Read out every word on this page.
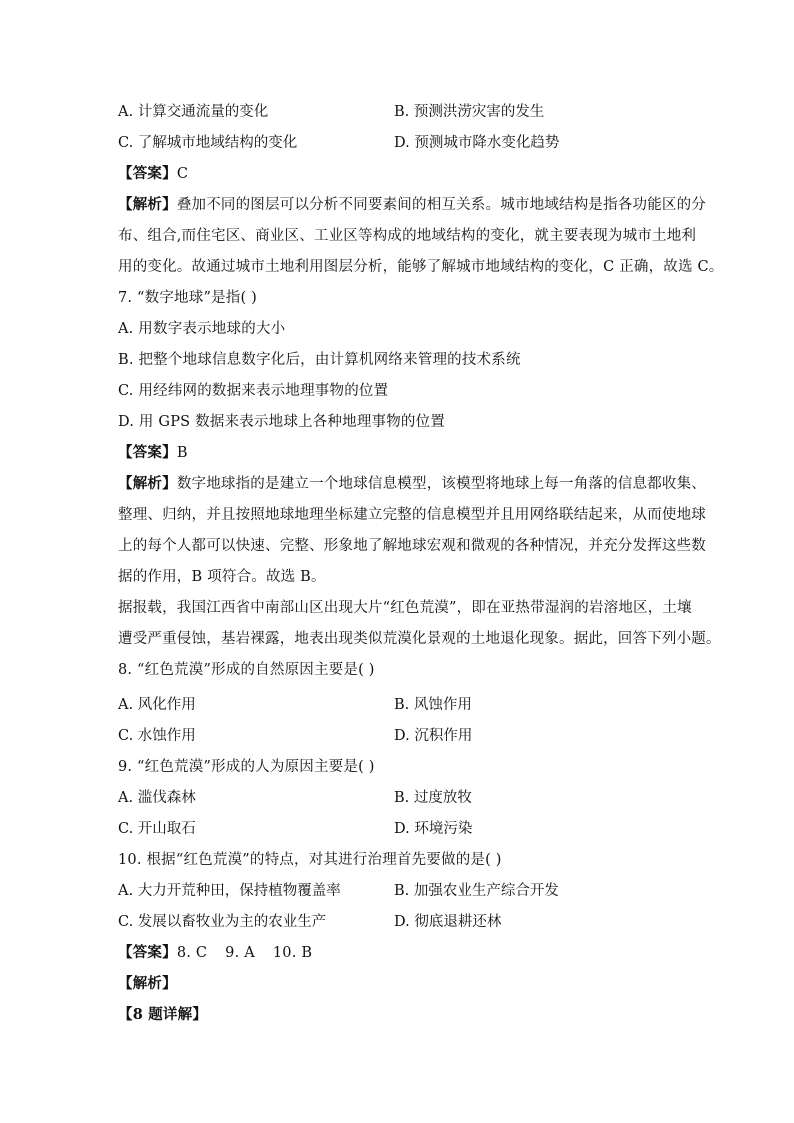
A. 计算交通流量的变化	B. 预测洪涝灾害的发生
C. 了解城市地域结构的变化	D. 预测城市降水变化趋势
【答案】C
【解析】叠加不同的图层可以分析不同要素间的相互关系。城市地域结构是指各功能区的分
布、组合,而住宅区、商业区、工业区等构成的地域结构的变化，就主要表现为城市土地利
用的变化。故通过城市土地利用图层分析，能够了解城市地域结构的变化，C 正确，故选 C。
7. “数字地球”是指( )
A. 用数字表示地球的大小
B. 把整个地球信息数字化后，由计算机网络来管理的技术系统
C. 用经纬网的数据来表示地理事物的位置
D. 用 GPS 数据来表示地球上各种地理事物的位置
【答案】B
【解析】数字地球指的是建立一个地球信息模型，该模型将地球上每一角落的信息都收集、
整理、归纳，并且按照地球地理坐标建立完整的信息模型并且用网络联结起来，从而使地球
上的每个人都可以快速、完整、形象地了解地球宏观和微观的各种情况，并充分发挥这些数
据的作用，B 项符合。故选 B。
据报载，我国江西省中南部山区出现大片“红色荒漠”，即在亚热带湿润的岩溶地区，土壤
遭受严重侵蚀，基岩裸露，地表出现类似荒漠化景观的土地退化现象。据此，回答下列小题。
8. “红色荒漠”形成的自然原因主要是( )
A. 风化作用	B. 风蚀作用
C. 水蚀作用	D. 沉积作用
9. “红色荒漠”形成的人为原因主要是( )
A. 滥伐森林	B. 过度放牧
C. 开山取石	D. 环境污染
10. 根据“红色荒漠”的特点，对其进行治理首先要做的是( )
A. 大力开荒种田，保持植物覆盖率	B. 加强农业生产综合开发
C. 发展以畜牧业为主的农业生产	D. 彻底退耕还林
【答案】8. C 9. A 10. B
【解析】
【8 题详解】
